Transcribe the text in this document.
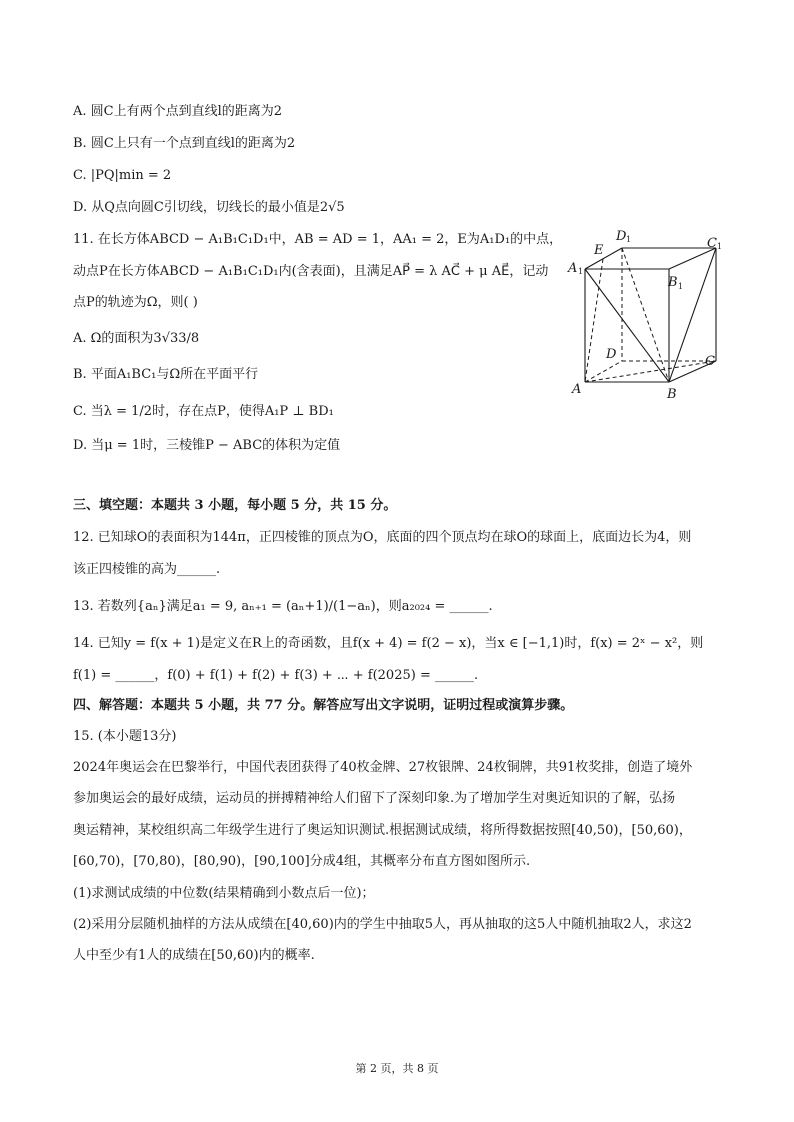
A. 圆C上有两个点到直线l的距离为2
B. 圆C上只有一个点到直线l的距离为2
C. |PQ|min = 2
D. 从Q点向圆C引切线，切线长的最小值是2√5
11. 在长方体ABCD − A₁B₁C₁D₁中，AB = AD = 1，AA₁ = 2，E为A₁D₁的中点，
动点P在长方体ABCD − A₁B₁C₁D₁内(含表面)，且满足AP⃗ = λ AC⃗ + μ AE⃗，记动
点P的轨迹为Ω，则( )
A. Ω的面积为3√33/8
B. 平面A₁BC₁与Ω所在平面平行
C. 当λ = 1/2时，存在点P，使得A₁P ⊥ BD₁
D. 当μ = 1时，三棱锥P − ABC的体积为定值
E
D 1	C 1
A 1
B 1
D	C
A	B
三、填空题：本题共 3 小题，每小题 5 分，共 15 分。
12. 已知球O的表面积为144π，正四棱锥的顶点为O，底面的四个顶点均在球O的球面上，底面边长为4，则
该正四棱锥的高为______.
13. 若数列{aₙ}满足a₁ = 9, aₙ₊₁ = (aₙ+1)/(1−aₙ)，则a₂₀₂₄ = ______.
14. 已知y = f(x + 1)是定义在R上的奇函数，且f(x + 4) = f(2 − x)，当x ∈ [−1,1)时，f(x) = 2ˣ − x²，则
f(1) = ______，f(0) + f(1) + f(2) + f(3) + ⋯ + f(2025) = ______.
四、解答题：本题共 5 小题，共 77 分。解答应写出文字说明，证明过程或演算步骤。
15. (本小题13分)
2024年奥运会在巴黎举行，中国代表团获得了40枚金牌、27枚银牌、24枚铜牌，共91枚奖排，创造了境外
参加奥运会的最好成绩，运动员的拼搏精神给人们留下了深刻印象.为了增加学生对奥近知识的了解，弘扬
奥运精神，某校组织高二年级学生进行了奥运知识测试.根据测试成绩，将所得数据按照[40,50)，[50,60)，
[60,70)，[70,80)，[80,90)，[90,100]分成4组，其概率分布直方图如图所示.
(1)求测试成绩的中位数(结果精确到小数点后一位)；
(2)采用分层随机抽样的方法从成绩在[40,60)内的学生中抽取5人，再从抽取的这5人中随机抽取2人，求这2
人中至少有1人的成绩在[50,60)内的概率.
第 2 页，共 8 页
